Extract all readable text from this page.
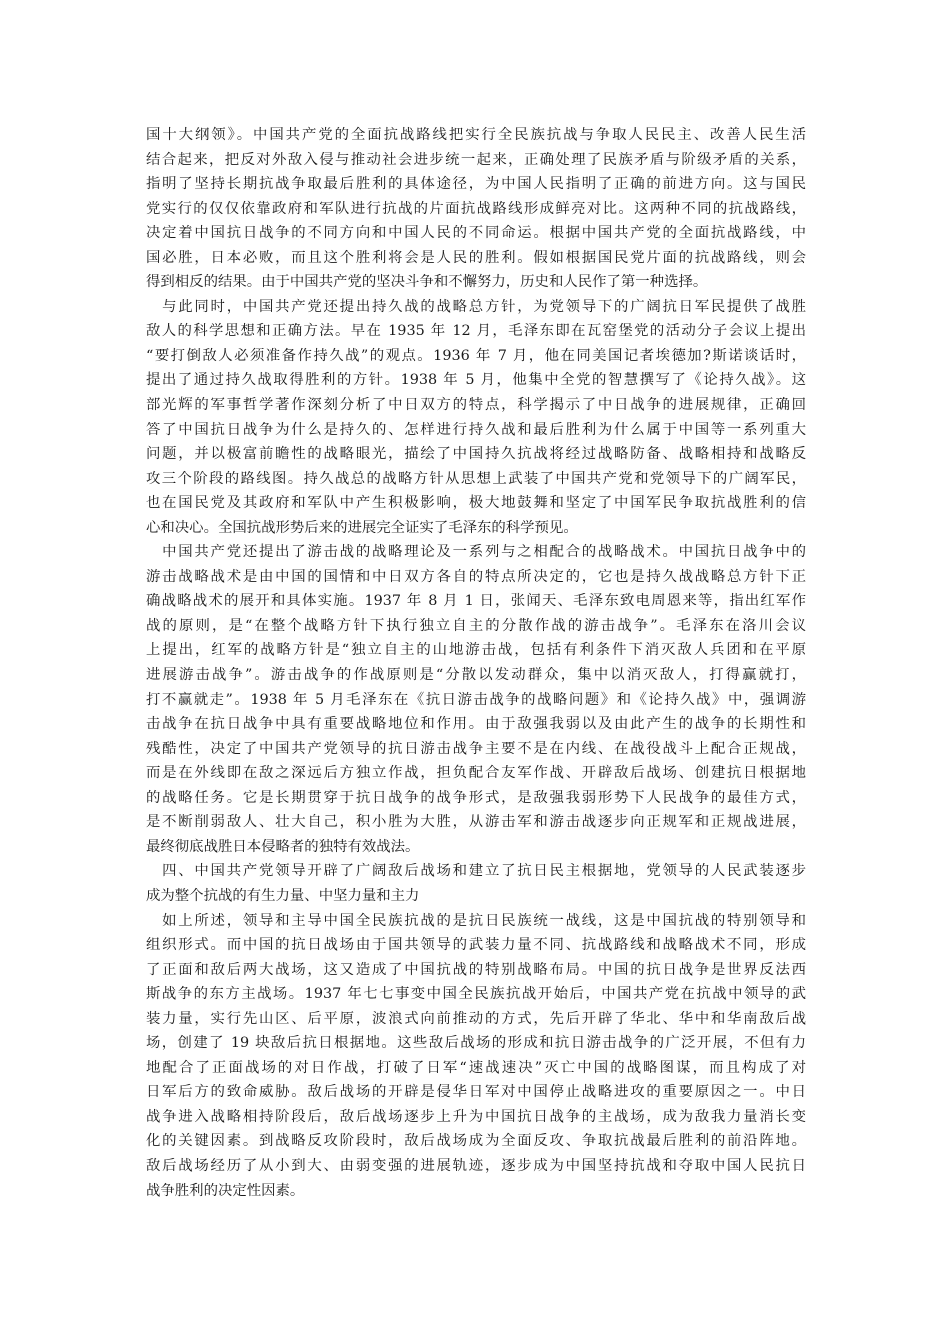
国十大纲领》。中国共产党的全面抗战路线把实行全民族抗战与争取人民民主、改善人民生活
结合起来，把反对外敌入侵与推动社会进步统一起来，正确处理了民族矛盾与阶级矛盾的关系，
指明了坚持长期抗战争取最后胜利的具体途径，为中国人民指明了正确的前进方向。这与国民
党实行的仅仅依靠政府和军队进行抗战的片面抗战路线形成鲜亮对比。这两种不同的抗战路线，
决定着中国抗日战争的不同方向和中国人民的不同命运。根据中国共产党的全面抗战路线，中
国必胜，日本必败，而且这个胜利将会是人民的胜利。假如根据国民党片面的抗战路线，则会
得到相反的结果。由于中国共产党的坚决斗争和不懈努力，历史和人民作了第一种选择。
　与此同时，中国共产党还提出持久战的战略总方针，为党领导下的广阔抗日军民提供了战胜
敌人的科学思想和正确方法。早在 1935 年 12 月，毛泽东即在瓦窑堡党的活动分子会议上提出
“要打倒敌人必须准备作持久战”的观点。1936 年 7 月，他在同美国记者埃德加?斯诺谈话时，
提出了通过持久战取得胜利的方针。1938 年 5 月，他集中全党的智慧撰写了《论持久战》。这
部光辉的军事哲学著作深刻分析了中日双方的特点，科学揭示了中日战争的进展规律，正确回
答了中国抗日战争为什么是持久的、怎样进行持久战和最后胜利为什么属于中国等一系列重大
问题，并以极富前瞻性的战略眼光，描绘了中国持久抗战将经过战略防备、战略相持和战略反
攻三个阶段的路线图。持久战总的战略方针从思想上武装了中国共产党和党领导下的广阔军民，
也在国民党及其政府和军队中产生积极影响，极大地鼓舞和坚定了中国军民争取抗战胜利的信
心和决心。全国抗战形势后来的进展完全证实了毛泽东的科学预见。
　中国共产党还提出了游击战的战略理论及一系列与之相配合的战略战术。中国抗日战争中的
游击战略战术是由中国的国情和中日双方各自的特点所决定的，它也是持久战战略总方针下正
确战略战术的展开和具体实施。1937 年 8 月 1 日，张闻天、毛泽东致电周恩来等，指出红军作
战的原则，是“在整个战略方针下执行独立自主的分散作战的游击战争”。毛泽东在洛川会议
上提出，红军的战略方针是“独立自主的山地游击战，包括有利条件下消灭敌人兵团和在平原
进展游击战争”。游击战争的作战原则是“分散以发动群众，集中以消灭敌人，打得赢就打，
打不赢就走”。1938 年 5 月毛泽东在《抗日游击战争的战略问题》和《论持久战》中，强调游
击战争在抗日战争中具有重要战略地位和作用。由于敌强我弱以及由此产生的战争的长期性和
残酷性，决定了中国共产党领导的抗日游击战争主要不是在内线、在战役战斗上配合正规战，
而是在外线即在敌之深远后方独立作战，担负配合友军作战、开辟敌后战场、创建抗日根据地
的战略任务。它是长期贯穿于抗日战争的战争形式，是敌强我弱形势下人民战争的最佳方式，
是不断削弱敌人、壮大自己，积小胜为大胜，从游击军和游击战逐步向正规军和正规战进展，
最终彻底战胜日本侵略者的独特有效战法。
　四、中国共产党领导开辟了广阔敌后战场和建立了抗日民主根据地，党领导的人民武装逐步
成为整个抗战的有生力量、中坚力量和主力
　如上所述，领导和主导中国全民族抗战的是抗日民族统一战线，这是中国抗战的特别领导和
组织形式。而中国的抗日战场由于国共领导的武装力量不同、抗战路线和战略战术不同，形成
了正面和敌后两大战场，这又造成了中国抗战的特别战略布局。中国的抗日战争是世界反法西
斯战争的东方主战场。1937 年七七事变中国全民族抗战开始后，中国共产党在抗战中领导的武
装力量，实行先山区、后平原，波浪式向前推动的方式，先后开辟了华北、华中和华南敌后战
场，创建了 19 块敌后抗日根据地。这些敌后战场的形成和抗日游击战争的广泛开展，不但有力
地配合了正面战场的对日作战，打破了日军“速战速决”灭亡中国的战略图谋，而且构成了对
日军后方的致命威胁。敌后战场的开辟是侵华日军对中国停止战略进攻的重要原因之一。中日
战争进入战略相持阶段后，敌后战场逐步上升为中国抗日战争的主战场，成为敌我力量消长变
化的关键因素。到战略反攻阶段时，敌后战场成为全面反攻、争取抗战最后胜利的前沿阵地。
敌后战场经历了从小到大、由弱变强的进展轨迹，逐步成为中国坚持抗战和夺取中国人民抗日
战争胜利的决定性因素。
